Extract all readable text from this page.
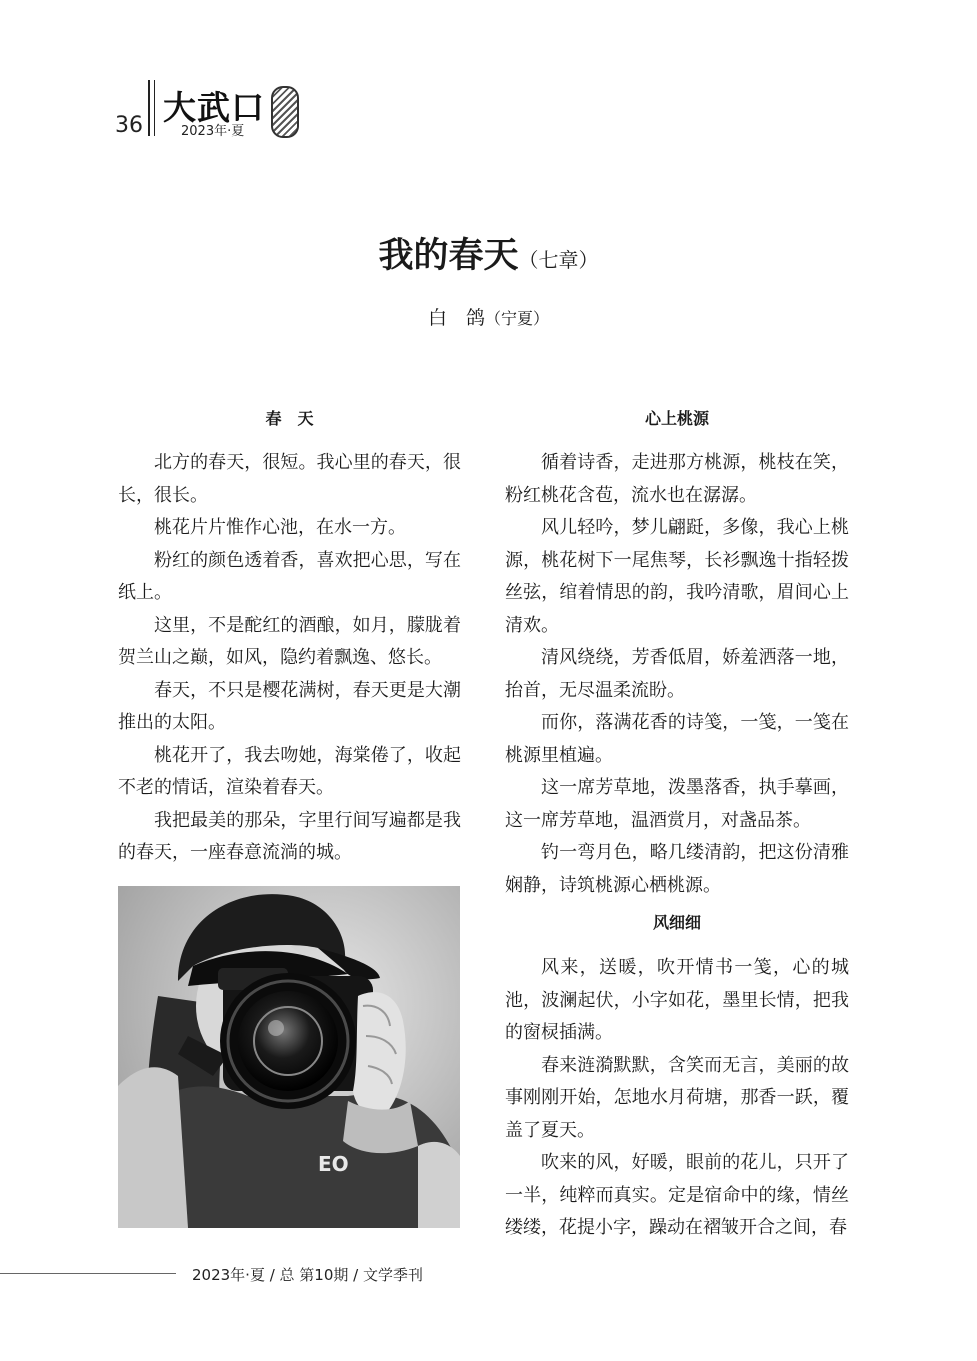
36 大武口
2023年·夏
我的春天（七章）
白　鸽（宁夏）
春　天

北方的春天，很短。我心里的春天，很长，很长。

桃花片片惟作心池，在水一方。

粉红的颜色透着香，喜欢把心思，写在纸上。

这里，不是酡红的酒酿，如月，朦胧着贺兰山之巅，如风，隐约着飘逸、悠长。

春天，不只是樱花满树，春天更是大潮推出的太阳。

桃花开了，我去吻她，海棠倦了，收起不老的情话，渲染着春天。

我把最美的那朵，字里行间写遍都是我的春天，一座春意流淌的城。

EO
心上桃源

循着诗香，走进那方桃源，桃枝在笑，粉红桃花含苞，流水也在潺潺。

风儿轻吟，梦儿翩跹，多像，我心上桃源，桃花树下一尾焦琴，长衫飘逸十指轻拨丝弦，绾着情思的韵，我吟清歌，眉间心上清欢。

清风绕绕，芳香低眉，娇羞洒落一地，抬首，无尽温柔流盼。

而你，落满花香的诗笺，一笺，一笺在桃源里植遍。

这一席芳草地，泼墨落香，执手摹画，这一席芳草地，温酒赏月，对盏品茶。

钓一弯月色，略几缕清韵，把这份清雅娴静，诗筑桃源心栖桃源。

风细细

风来，送暖，吹开情书一笺，心的城池，波澜起伏，小字如花，墨里长情，把我的窗棂插满。

春来涟漪默默，含笑而无言，美丽的故事刚刚开始，怎地水月荷塘，那香一跃，覆盖了夏天。

吹来的风，好暖，眼前的花儿，只开了一半，纯粹而真实。定是宿命中的缘，情丝缕缕，花提小字，躁动在褶皱开合之间，春

2023年·夏 / 总 第10期 / 文学季刊
